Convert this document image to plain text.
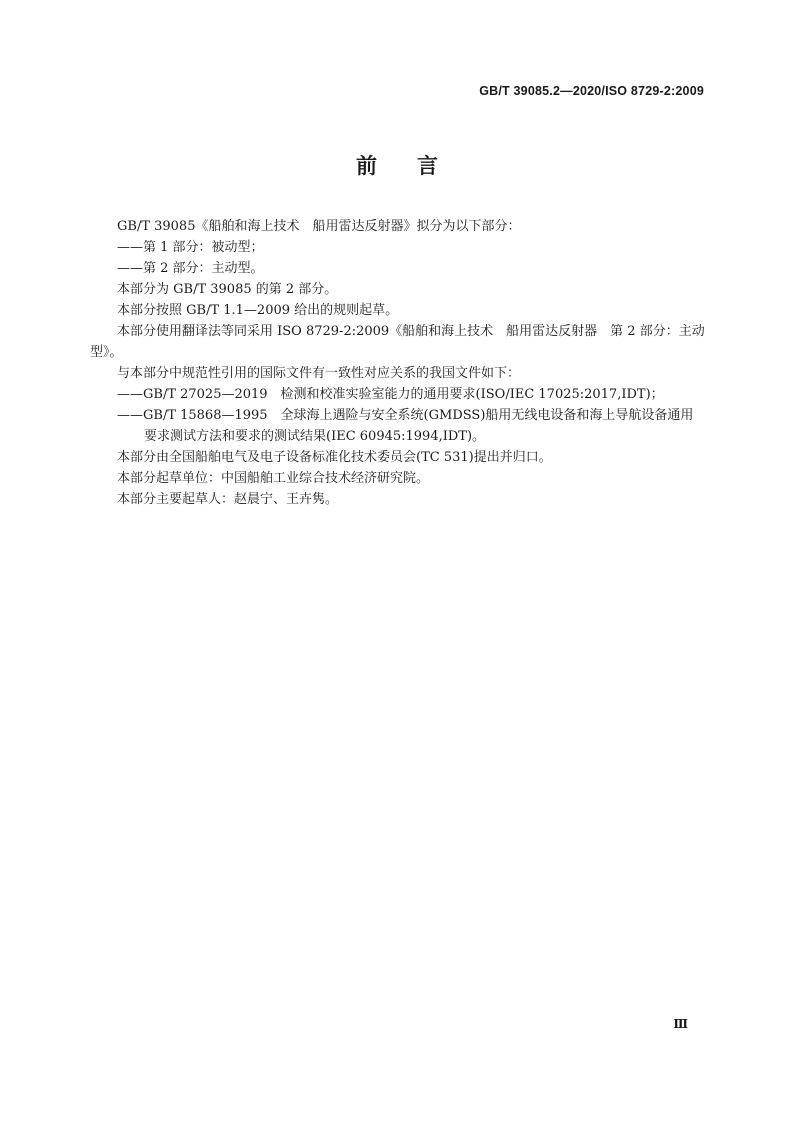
GB/T 39085.2—2020/ISO 8729-2:2009
前言

GB/T 39085《船舶和海上技术　船用雷达反射器》拟分为以下部分：

——第 1 部分：被动型；

——第 2 部分：主动型。

本部分为 GB/T 39085 的第 2 部分。

本部分按照 GB/T 1.1—2009 给出的规则起草。

本部分使用翻译法等同采用 ISO 8729-2:2009《船舶和海上技术　船用雷达反射器　第 2 部分：主动型》。

与本部分中规范性引用的国际文件有一致性对应关系的我国文件如下：

——GB/T 27025—2019　检测和校准实验室能力的通用要求(ISO/IEC 17025:2017,IDT)；

——GB/T 15868—1995　全球海上遇险与安全系统(GMDSS)船用无线电设备和海上导航设备通用要求测试方法和要求的测试结果(IEC 60945:1994,IDT)。

本部分由全国船舶电气及电子设备标准化技术委员会(TC 531)提出并归口。

本部分起草单位：中国船舶工业综合技术经济研究院。

本部分主要起草人：赵晨宁、王卉隽。

Ⅲ
